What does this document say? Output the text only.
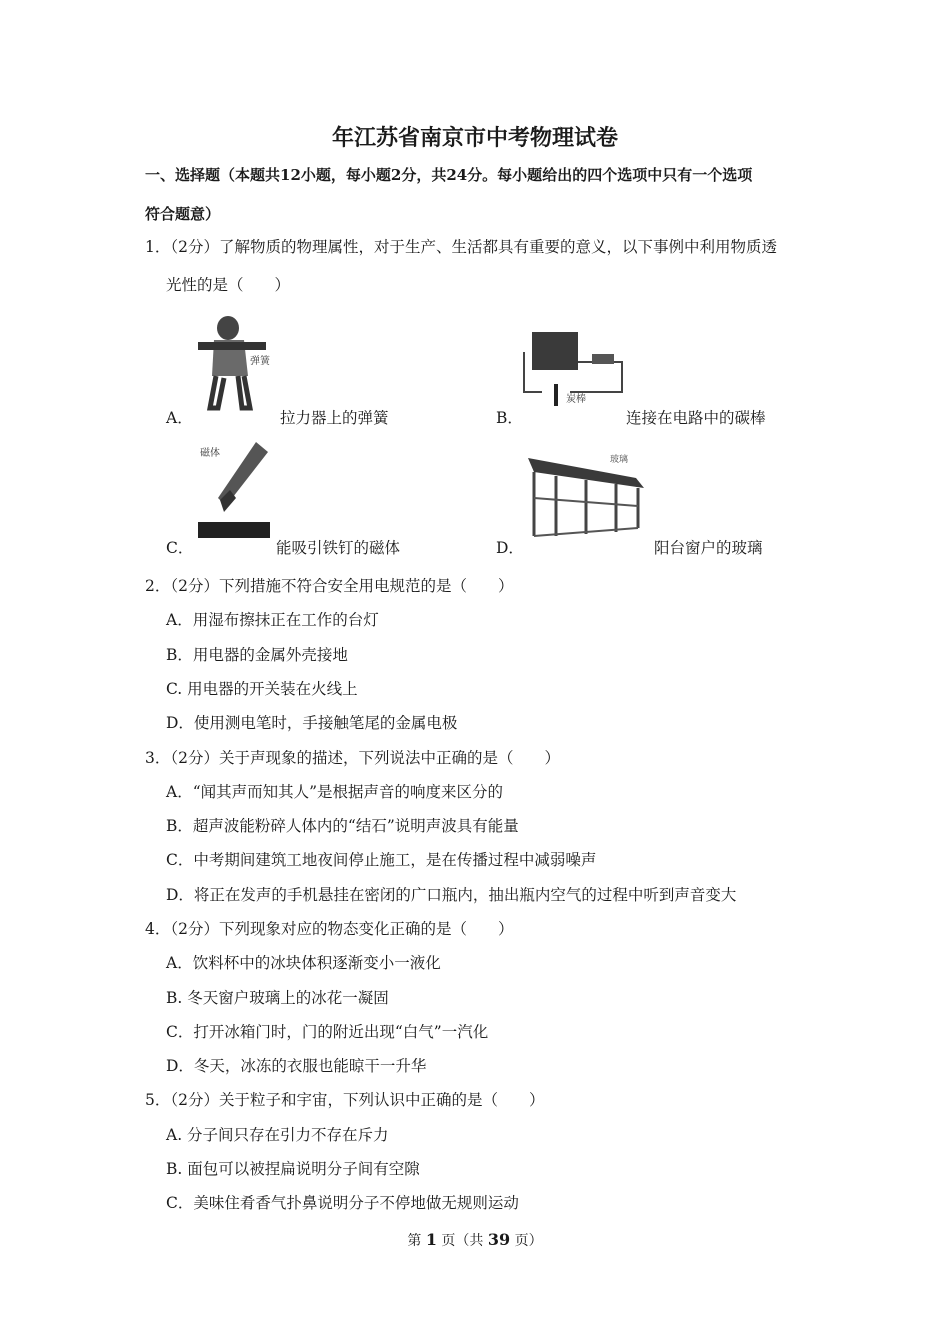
年江苏省南京市中考物理试卷
一、选择题（本题共12小题，每小题2分，共24分。每小题给出的四个选项中只有一个选项
符合题意）
1．（2分）了解物质的物理属性，对于生产、生活都具有重要的意义，以下事例中利用物质透
光性的是（　　）
A．
弹簧
拉力器上的弹簧	B．
炭棒
连接在电路中的碳棒
C．
磁体
能吸引铁钉的磁体	D．
玻璃
阳台窗户的玻璃
2．（2分）下列措施不符合安全用电规范的是（　　）
A．用湿布擦抹正在工作的台灯
B．用电器的金属外壳接地
C. 用电器的开关装在火线上
D．使用测电笔时，手接触笔尾的金属电极
3．（2分）关于声现象的描述，下列说法中正确的是（　　）
A．“闻其声而知其人”是根据声音的响度来区分的
B．超声波能粉碎人体内的“结石”说明声波具有能量
C．中考期间建筑工地夜间停止施工，是在传播过程中减弱噪声
D．将正在发声的手机悬挂在密闭的广口瓶内，抽出瓶内空气的过程中听到声音变大
4．（2分）下列现象对应的物态变化正确的是（　　）
A．饮料杯中的冰块体积逐渐变小一液化
B. 冬天窗户玻璃上的冰花一凝固
C．打开冰箱门时，门的附近出现“白气”一汽化
D．冬天，冰冻的衣服也能晾干一升华
5．（2分）关于粒子和宇宙，下列认识中正确的是（　　）
A. 分子间只存在引力不存在斥力
B. 面包可以被捏扁说明分子间有空隙
C．美味住肴香气扑鼻说明分子不停地做无规则运动
第 1 页（共 39 页）
